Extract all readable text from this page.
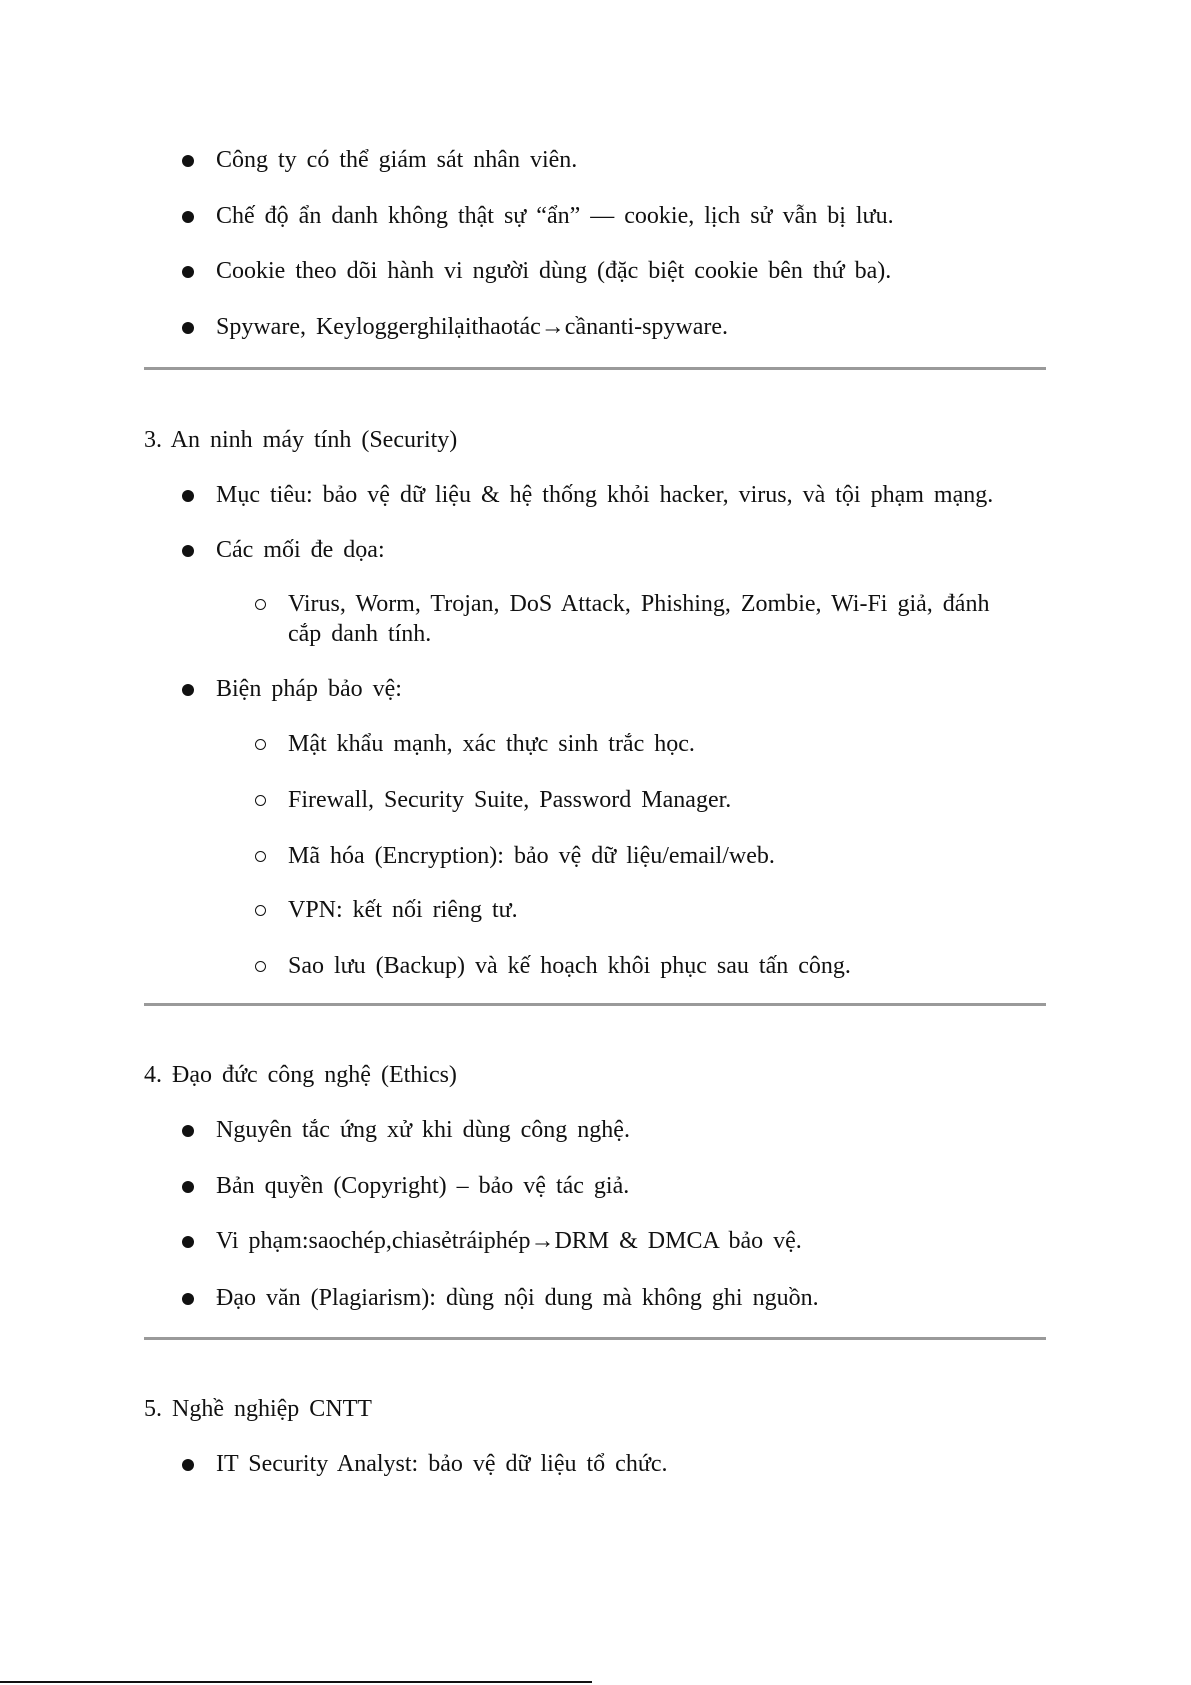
Công ty có thể giám sát nhân viên.
Chế độ ẩn danh không thật sự “ẩn” — cookie, lịch sử vẫn bị lưu.
Cookie theo dõi hành vi người dùng (đặc biệt cookie bên thứ ba).
Spyware, Keyloggerghilạithaotác→cầnanti-spyware.
3. An ninh máy tính (Security)
Mục tiêu: bảo vệ dữ liệu & hệ thống khỏi hacker, virus, và tội phạm mạng.
Các mối đe dọa:
Virus, Worm, Trojan, DoS Attack, Phishing, Zombie, Wi-Fi giả, đánh
cắp danh tính.
Biện pháp bảo vệ:
Mật khẩu mạnh, xác thực sinh trắc học.
Firewall, Security Suite, Password Manager.
Mã hóa (Encryption): bảo vệ dữ liệu/email/web.
VPN: kết nối riêng tư.
Sao lưu (Backup) và kế hoạch khôi phục sau tấn công.
4. Đạo đức công nghệ (Ethics)
Nguyên tắc ứng xử khi dùng công nghệ.
Bản quyền (Copyright) – bảo vệ tác giả.
Vi phạm:saochép,chiasẻtráiphép→DRM & DMCA bảo vệ.
Đạo văn (Plagiarism): dùng nội dung mà không ghi nguồn.
5. Nghề nghiệp CNTT
IT Security Analyst: bảo vệ dữ liệu tổ chức.
